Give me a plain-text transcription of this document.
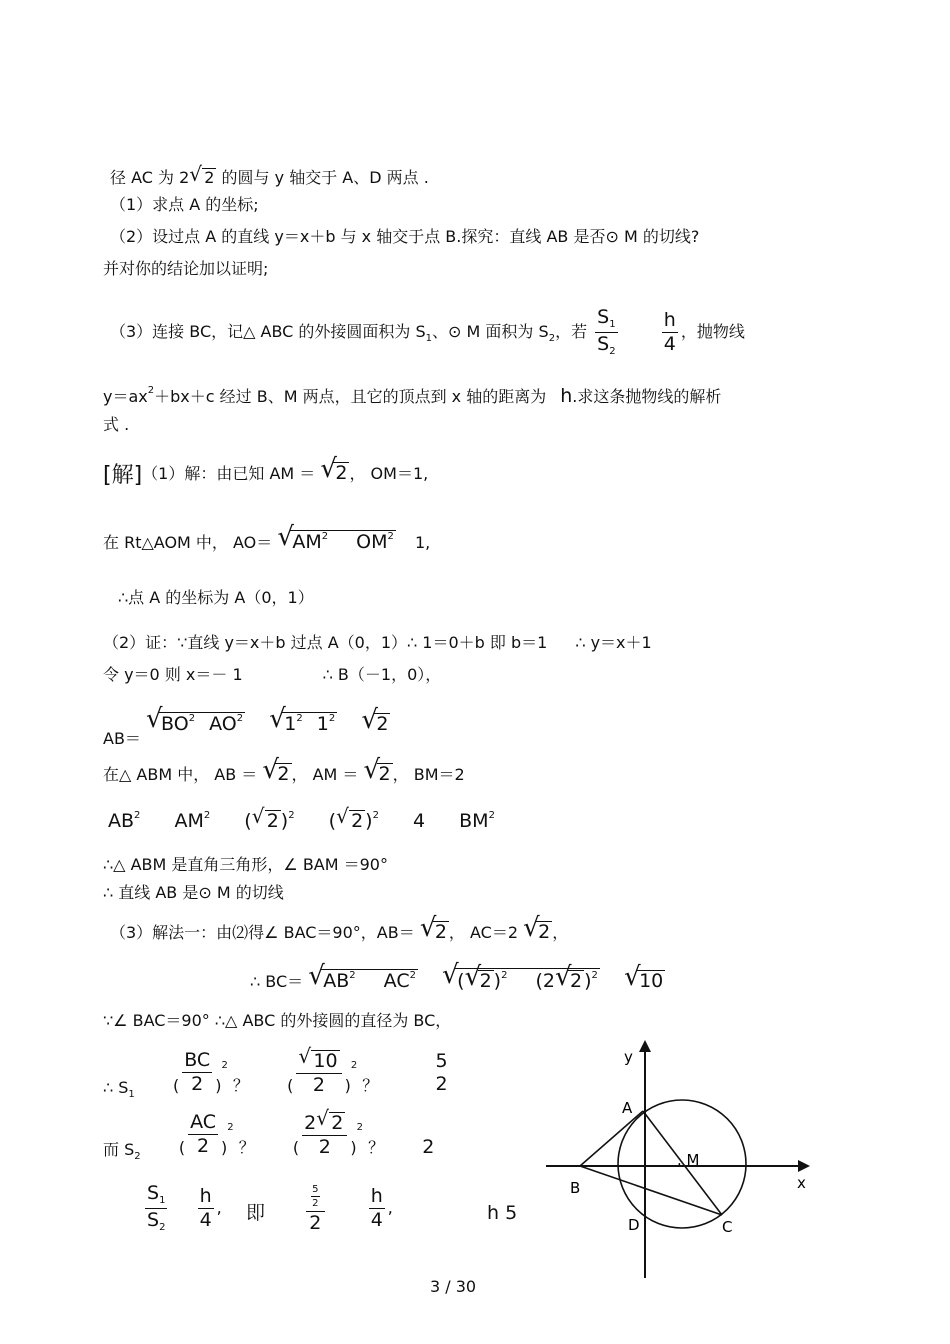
径 AC 为 2 √ 2 的圆与 y 轴交于 A、D 两点 .
（1）求点 A 的坐标;
（2）设过点 A 的直线 y＝x＋b 与 x 轴交于点 B.探究：直线 AB 是否⊙ M 的切线?
并对你的结论加以证明;
（3）连接 BC，记△ ABC 的外接圆面积为 $S_1$、⊙ M 面积为 $S_2$，若 $\frac{S_1}{S_2}$
$\frac{h}{4}$ ，抛物线
$y=ax^2+bx+c$ 经过 B、M 两点，且它的顶点到 x 轴的距离为 h.求这条抛物线的解析
式 .
[解]（1）解：由已知 AM ＝ √
2 ， OM＝1,
在 Rt△AOM 中， AO＝ √
$AM^2$ $OM^2$ 1,
∴点 A 的坐标为 A（0，1）
（2）证：∵直线 y＝x＋b 过点 A（0，1）∴ 1＝0＋b 即 b＝1 ∴ y＝x＋1
令 y＝0 则 x＝－ 1	∴ B（－1，0），
AB＝
√
$BO^2$ $AO^2$ √
$1^2$ $1^2$ √
2
在△ ABM 中， AB ＝ √
2 ， AM ＝ √
2 ， BM＝2
$AB^2$ $AM^2$ ( √ 2 )$^2$ ( √ 2 )$^2$ 4 $BM^2$
∴△ ABM 是直角三角形，∠ BAM ＝90°
∴ 直线 AB 是⊙ M 的切线
（3）解法一：由⑵得∠ BAC＝90°，AB＝ √
2 ， AC＝2 √
2 ，
∴ BC＝ √
$AB^2$ $AC^2$ √
( √
2 )$^2$ (2 √
2 )$^2$ √
10
∵∠ BAC＝90° ∴△ ABC 的外接圆的直径为 BC，
∴ $S_1$ ( $\frac{BC}{2} )^2$ ？ ( $\frac{√ 10}{2} )^2$ ？
5
2
而 $S_2$ ( $\frac{AC}{2} )^2$ ？ ( $\frac{2 √ 2}{2} )^2$ ？ 2
$\frac{S_1}{S_2}$
$\frac{h}{4}$ , 即	$\frac{\frac{5}{2}}{2}$
$\frac{h}{4}$ ,	h 5
y
x
A
B
. M
D	C
3 / 30
